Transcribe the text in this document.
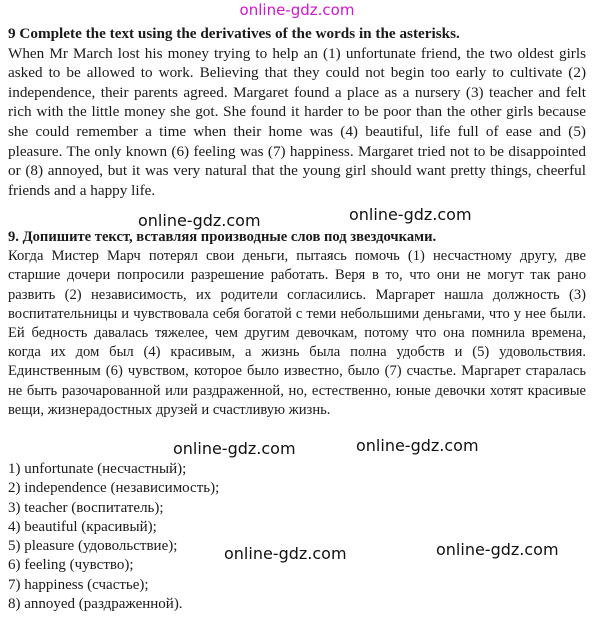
online-gdz.com
9 Complete the text using the derivatives of the words in the asterisks.
When Mr March lost his money trying to help an (1) unfortunate friend, the two oldest girls asked to be allowed to work. Believing that they could not begin too early to cultivate (2) independence, their parents agreed. Margaret found a place as a nursery (3) teacher and felt rich with the little money she got. She found it harder to be poor than the other girls because she could remember a time when their home was (4) beautiful, life full of ease and (5) pleasure. The only known (6) feeling was (7) happiness. Margaret tried not to be disappointed or (8) annoyed, but it was very natural that the young girl should want pretty things, cheerful friends and a happy life.
9. Допишите текст, вставляя производные слов под звездочками.
Когда Мистер Марч потерял свои деньги, пытаясь помочь (1) несчастному другу, две старшие дочери попросили разрешение работать. Веря в то, что они не могут так рано развить (2) независимость, их родители согласились. Маргарет нашла должность (3) воспитательницы и чувствовала себя богатой с теми небольшими деньгами, что у нее были. Ей бедность давалась тяжелее, чем другим девочкам, потому что она помнила времена, когда их дом был (4) красивым, а жизнь была полна удобств и (5) удовольствия. Единственным (6) чувством, которое было известно, было (7) счастье. Маргарет старалась не быть разочарованной или раздраженной, но, естественно, юные девочки хотят красивые вещи, жизнерадостных друзей и счастливую жизнь.
1) unfortunate (несчастный);
2) independence (независимость);
3) teacher (воспитатель);
4) beautiful (красивый);
5) pleasure (удовольствие);
6) feeling (чувство);
7) happiness (счастье);
8) annoyed (раздраженной).
online-gdz.com	online-gdz.com
online-gdz.com	online-gdz.com
online-gdz.com	online-gdz.com
